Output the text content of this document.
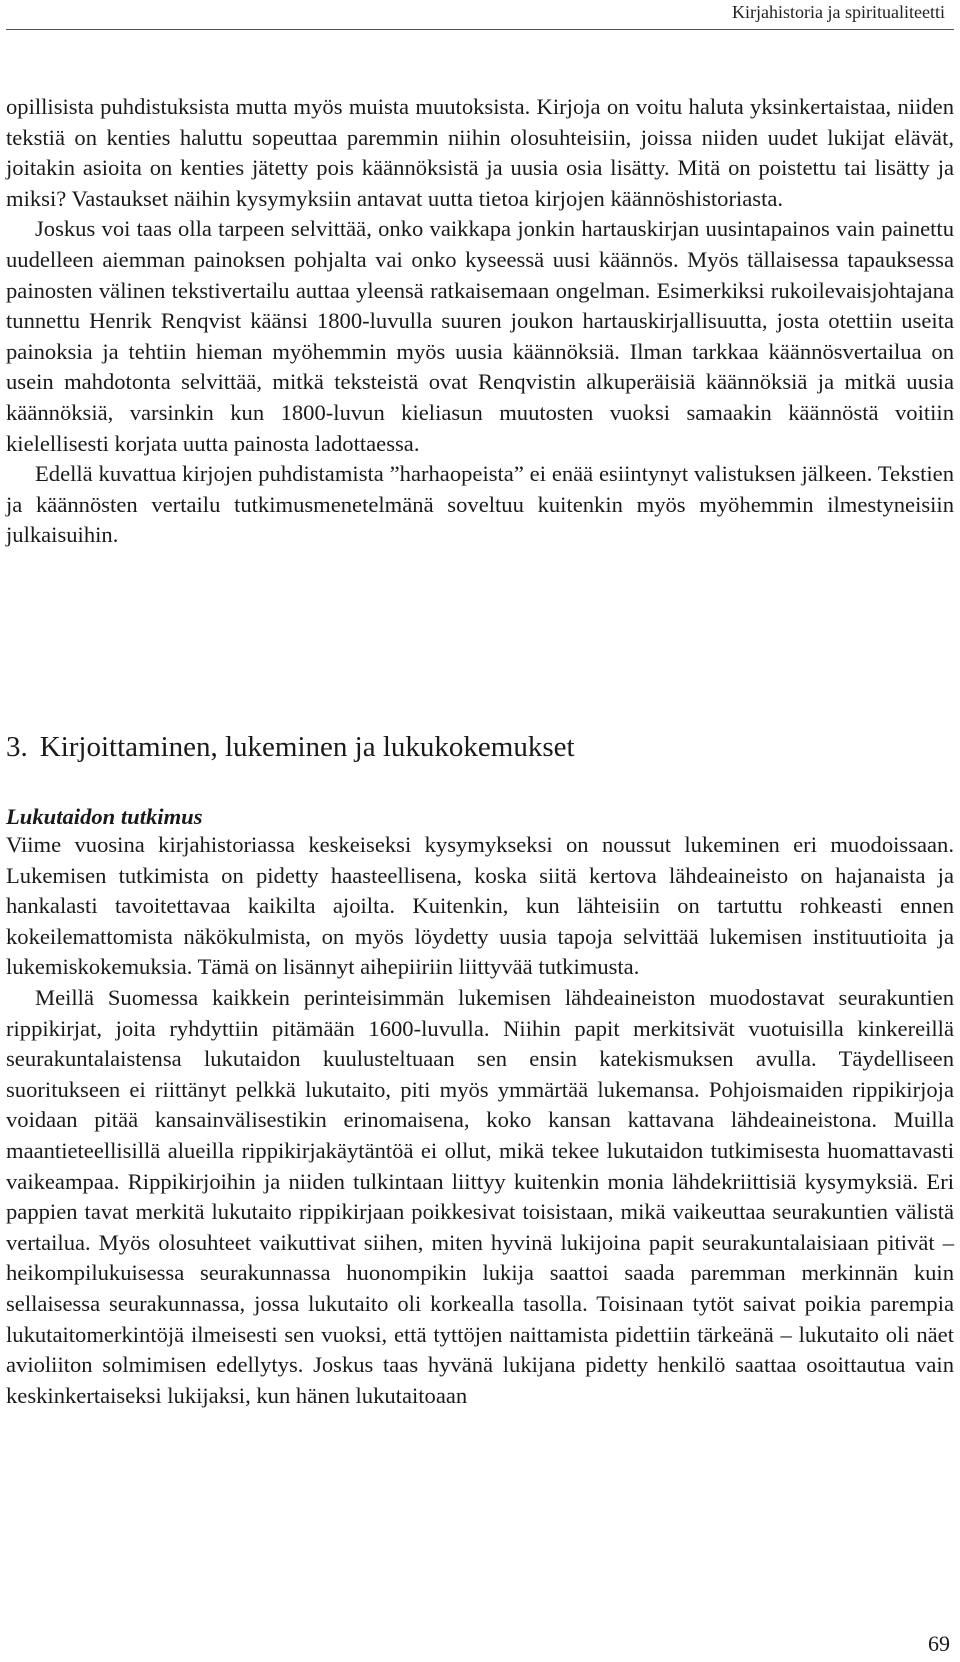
Kirjahistoria ja spiritualiteetti

opillisista puhdistuksista mutta myös muista muutoksista. Kirjoja on voitu haluta yksinkertaistaa, niiden tekstiä on kenties haluttu sopeuttaa paremmin niihin olosuhteisiin, joissa niiden uudet lukijat elävät, joitakin asioita on kenties jätetty pois käännöksistä ja uusia osia lisätty. Mitä on poistettu tai lisätty ja miksi? Vastaukset näihin kysymyksiin antavat uutta tietoa kirjojen käännöshistoriasta.

Joskus voi taas olla tarpeen selvittää, onko vaikkapa jonkin hartauskirjan uusintapainos vain painettu uudelleen aiemman painoksen pohjalta vai onko kyseessä uusi käännös. Myös tällaisessa tapauksessa painosten välinen tekstivertailu auttaa yleensä ratkaisemaan ongelman. Esimerkiksi rukoilevaisjohtajana tunnettu Henrik Renqvist käänsi 1800-luvulla suuren joukon hartauskirjallisuutta, josta otettiin useita painoksia ja tehtiin hieman myöhemmin myös uusia käännöksiä. Ilman tarkkaa käännösvertailua on usein mahdotonta selvittää, mitkä teksteistä ovat Renqvistin alkuperäisiä käännöksiä ja mitkä uusia käännöksiä, varsinkin kun 1800-luvun kieliasun muutosten vuoksi samaakin käännöstä voitiin kielellisesti korjata uutta painosta ladottaessa.

Edellä kuvattua kirjojen puhdistamista ”harhaopeista” ei enää esiintynyt valistuksen jälkeen. Tekstien ja käännösten vertailu tutkimusmenetelmänä soveltuu kuitenkin myös myöhemmin ilmestyneisiin julkaisuihin.

3. Kirjoittaminen, lukeminen ja lukukokemukset
Lukutaidon tutkimus

Viime vuosina kirjahistoriassa keskeiseksi kysymykseksi on noussut lukeminen eri muodoissaan. Lukemisen tutkimista on pidetty haasteellisena, koska siitä kertova lähdeaineisto on hajanaista ja hankalasti tavoitettavaa kaikilta ajoilta. Kuitenkin, kun lähteisiin on tartuttu rohkeasti ennen kokeilemattomista näkökulmista, on myös löydetty uusia tapoja selvittää lukemisen instituutioita ja lukemiskokemuksia. Tämä on lisännyt aihepiiriin liittyvää tutkimusta.

Meillä Suomessa kaikkein perinteisimmän lukemisen lähdeaineiston muodostavat seurakuntien rippikirjat, joita ryhdyttiin pitämään 1600-luvulla. Niihin papit merkitsivät vuotuisilla kinkereillä seurakuntalaistensa lukutaidon kuulusteltuaan sen ensin katekismuksen avulla. Täydelliseen suoritukseen ei riittänyt pelkkä lukutaito, piti myös ymmärtää lukemansa. Pohjoismaiden rippikirjoja voidaan pitää kansainvälisestikin erinomaisena, koko kansan kattavana lähdeaineistona. Muilla maantieteellisillä alueilla rippikirjakäytäntöä ei ollut, mikä tekee lukutaidon tutkimisesta huomattavasti vaikeampaa. Rippikirjoihin ja niiden tulkintaan liittyy kuitenkin monia lähdekriittisiä kysymyksiä. Eri pappien tavat merkitä lukutaito rippikirjaan poikkesivat toisistaan, mikä vaikeuttaa seurakuntien välistä vertailua. Myös olosuhteet vaikuttivat siihen, miten hyvinä lukijoina papit seurakuntalaisiaan pitivät – heikompilukuisessa seurakunnassa huonompikin lukija saattoi saada paremman merkinnän kuin sellaisessa seurakunnassa, jossa lukutaito oli korkealla tasolla. Toisinaan tytöt saivat poikia parempia lukutaitomerkintöjä ilmeisesti sen vuoksi, että tyttöjen naittamista pidettiin tärkeänä – lukutaito oli näet avioliiton solmimisen edellytys. Joskus taas hyvänä lukijana pidetty henkilö saattaa osoittautua vain keskinkertaiseksi lukijaksi, kun hänen lukutaitoaan

69
